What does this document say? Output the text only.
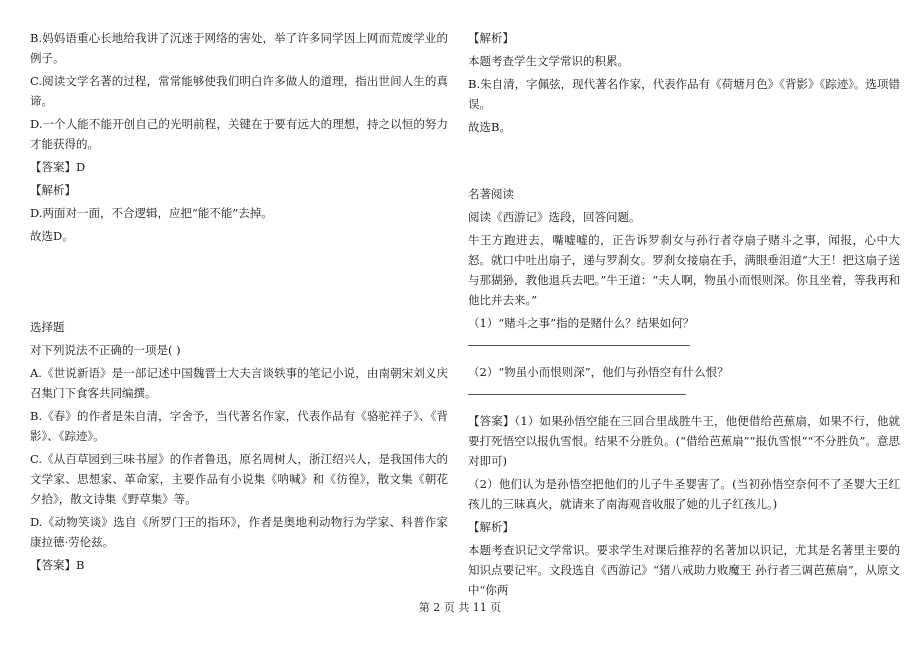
B.妈妈语重心长地给我讲了沉迷于网络的害处，举了许多同学因上网而荒废学业的例子。

C.阅读文学名著的过程，常常能够使我们明白许多做人的道理，指出世间人生的真谛。

D.一个人能不能开创自己的光明前程，关键在于要有远大的理想，持之以恒的努力才能获得的。

【答案】D

【解析】

D.两面对一面，不合逻辑，应把“能不能”去掉。

故选D。

选择题

对下列说法不正确的一项是( )

A.《世说新语》是一部记述中国魏晋士大夫言谈轶事的笔记小说，由南朝宋刘义庆召集门下食客共同编撰。

B.《春》的作者是朱自清，字舍予，当代著名作家，代表作品有《骆驼祥子》、《背影》、《踪迹》。

C.《从百草园到三味书屋》的作者鲁迅，原名周树人，浙江绍兴人，是我国伟大的文学家、思想家、革命家，主要作品有小说集《呐喊》和《彷徨》，散文集《朝花夕拾》，散文诗集《野草集》等。

D.《动物笑谈》选自《所罗门王的指环》，作者是奥地利动物行为学家、科普作家康拉德·劳伦兹。

【答案】B

【解析】

本题考查学生文学常识的积累。

B.朱自清，字佩弦，现代著名作家，代表作品有《荷塘月色》《背影》《踪迹》。选项错误。

故选B。

名著阅读

阅读《西游记》选段，回答问题。

牛王方跑进去，嘴嘘嘘的，正告诉罗刹女与孙行者夺扇子赌斗之事，闻报，心中大怒。就口中吐出扇子，递与罗刹女。罗刹女接扇在手，满眼垂泪道“大王！把这扇子送与那猢狲，教他退兵去吧。”牛王道：“夫人啊，物虽小而恨则深。你且坐着，等我再和他比并去来。”

（1）“赌斗之事”指的是赌什么？结果如何？

（2）“物虽小而恨则深”，他们与孙悟空有什么恨？

【答案】（1）如果孙悟空能在三回合里战胜牛王，他便借给芭蕉扇，如果不行，他就要打死悟空以报仇雪恨。结果不分胜负。(“借给芭蕉扇”“报仇雪恨”“不分胜负”。意思对即可)

（2）他们认为是孙悟空把他们的儿子牛圣婴害了。(当初孙悟空奈何不了圣婴大王红孩儿的三昧真火，就请来了南海观音收服了她的儿子红孩儿。)

【解析】

本题考查识记文学常识。要求学生对课后推荐的名著加以识记，尤其是名著里主要的知识点要记牢。文段选自《西游记》“猪八戒助力败魔王 孙行者三调芭蕉扇”，从原文中“你两

第 2 页 共 11 页
